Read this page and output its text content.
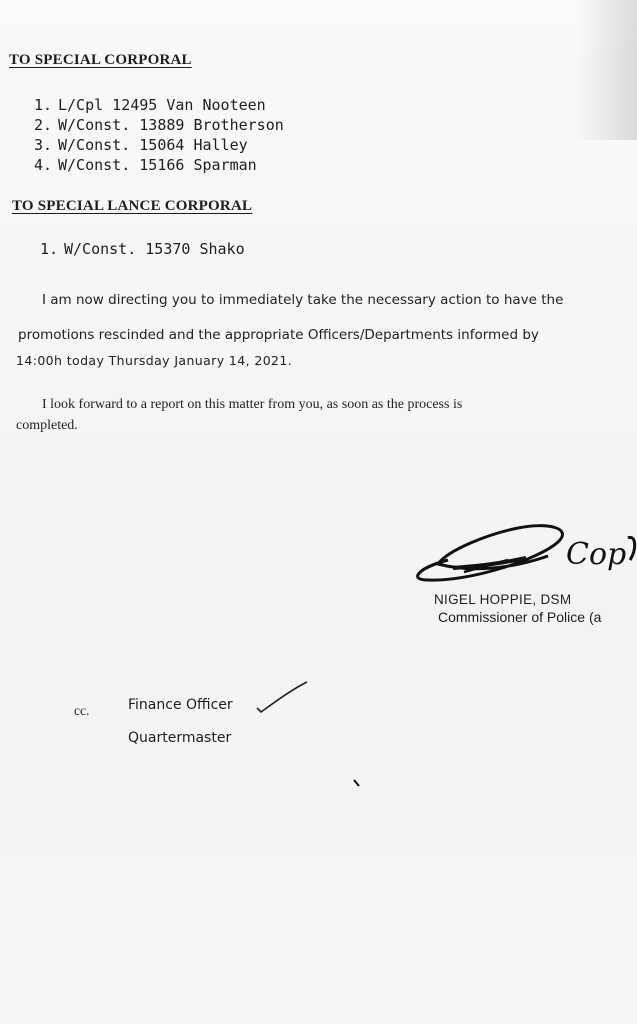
TO SPECIAL CORPORAL
1. L/Cpl 12495 Van Nooteen
2. W/Const. 13889 Brotherson
3. W/Const. 15064 Halley
4. W/Const. 15166 Sparman
TO SPECIAL LANCE CORPORAL
1. W/Const. 15370 Shako
I am now directing you to immediately take the necessary action to have the
promotions rescinded and the appropriate Officers/Departments informed by
14:00h today Thursday January 14, 2021.
I look forward to a report on this matter from you, as soon as the process is
completed.
Cop
NIGEL HOPPIE, DSM
Commissioner of Police (a
cc.	Finance Officer
Quartermaster
